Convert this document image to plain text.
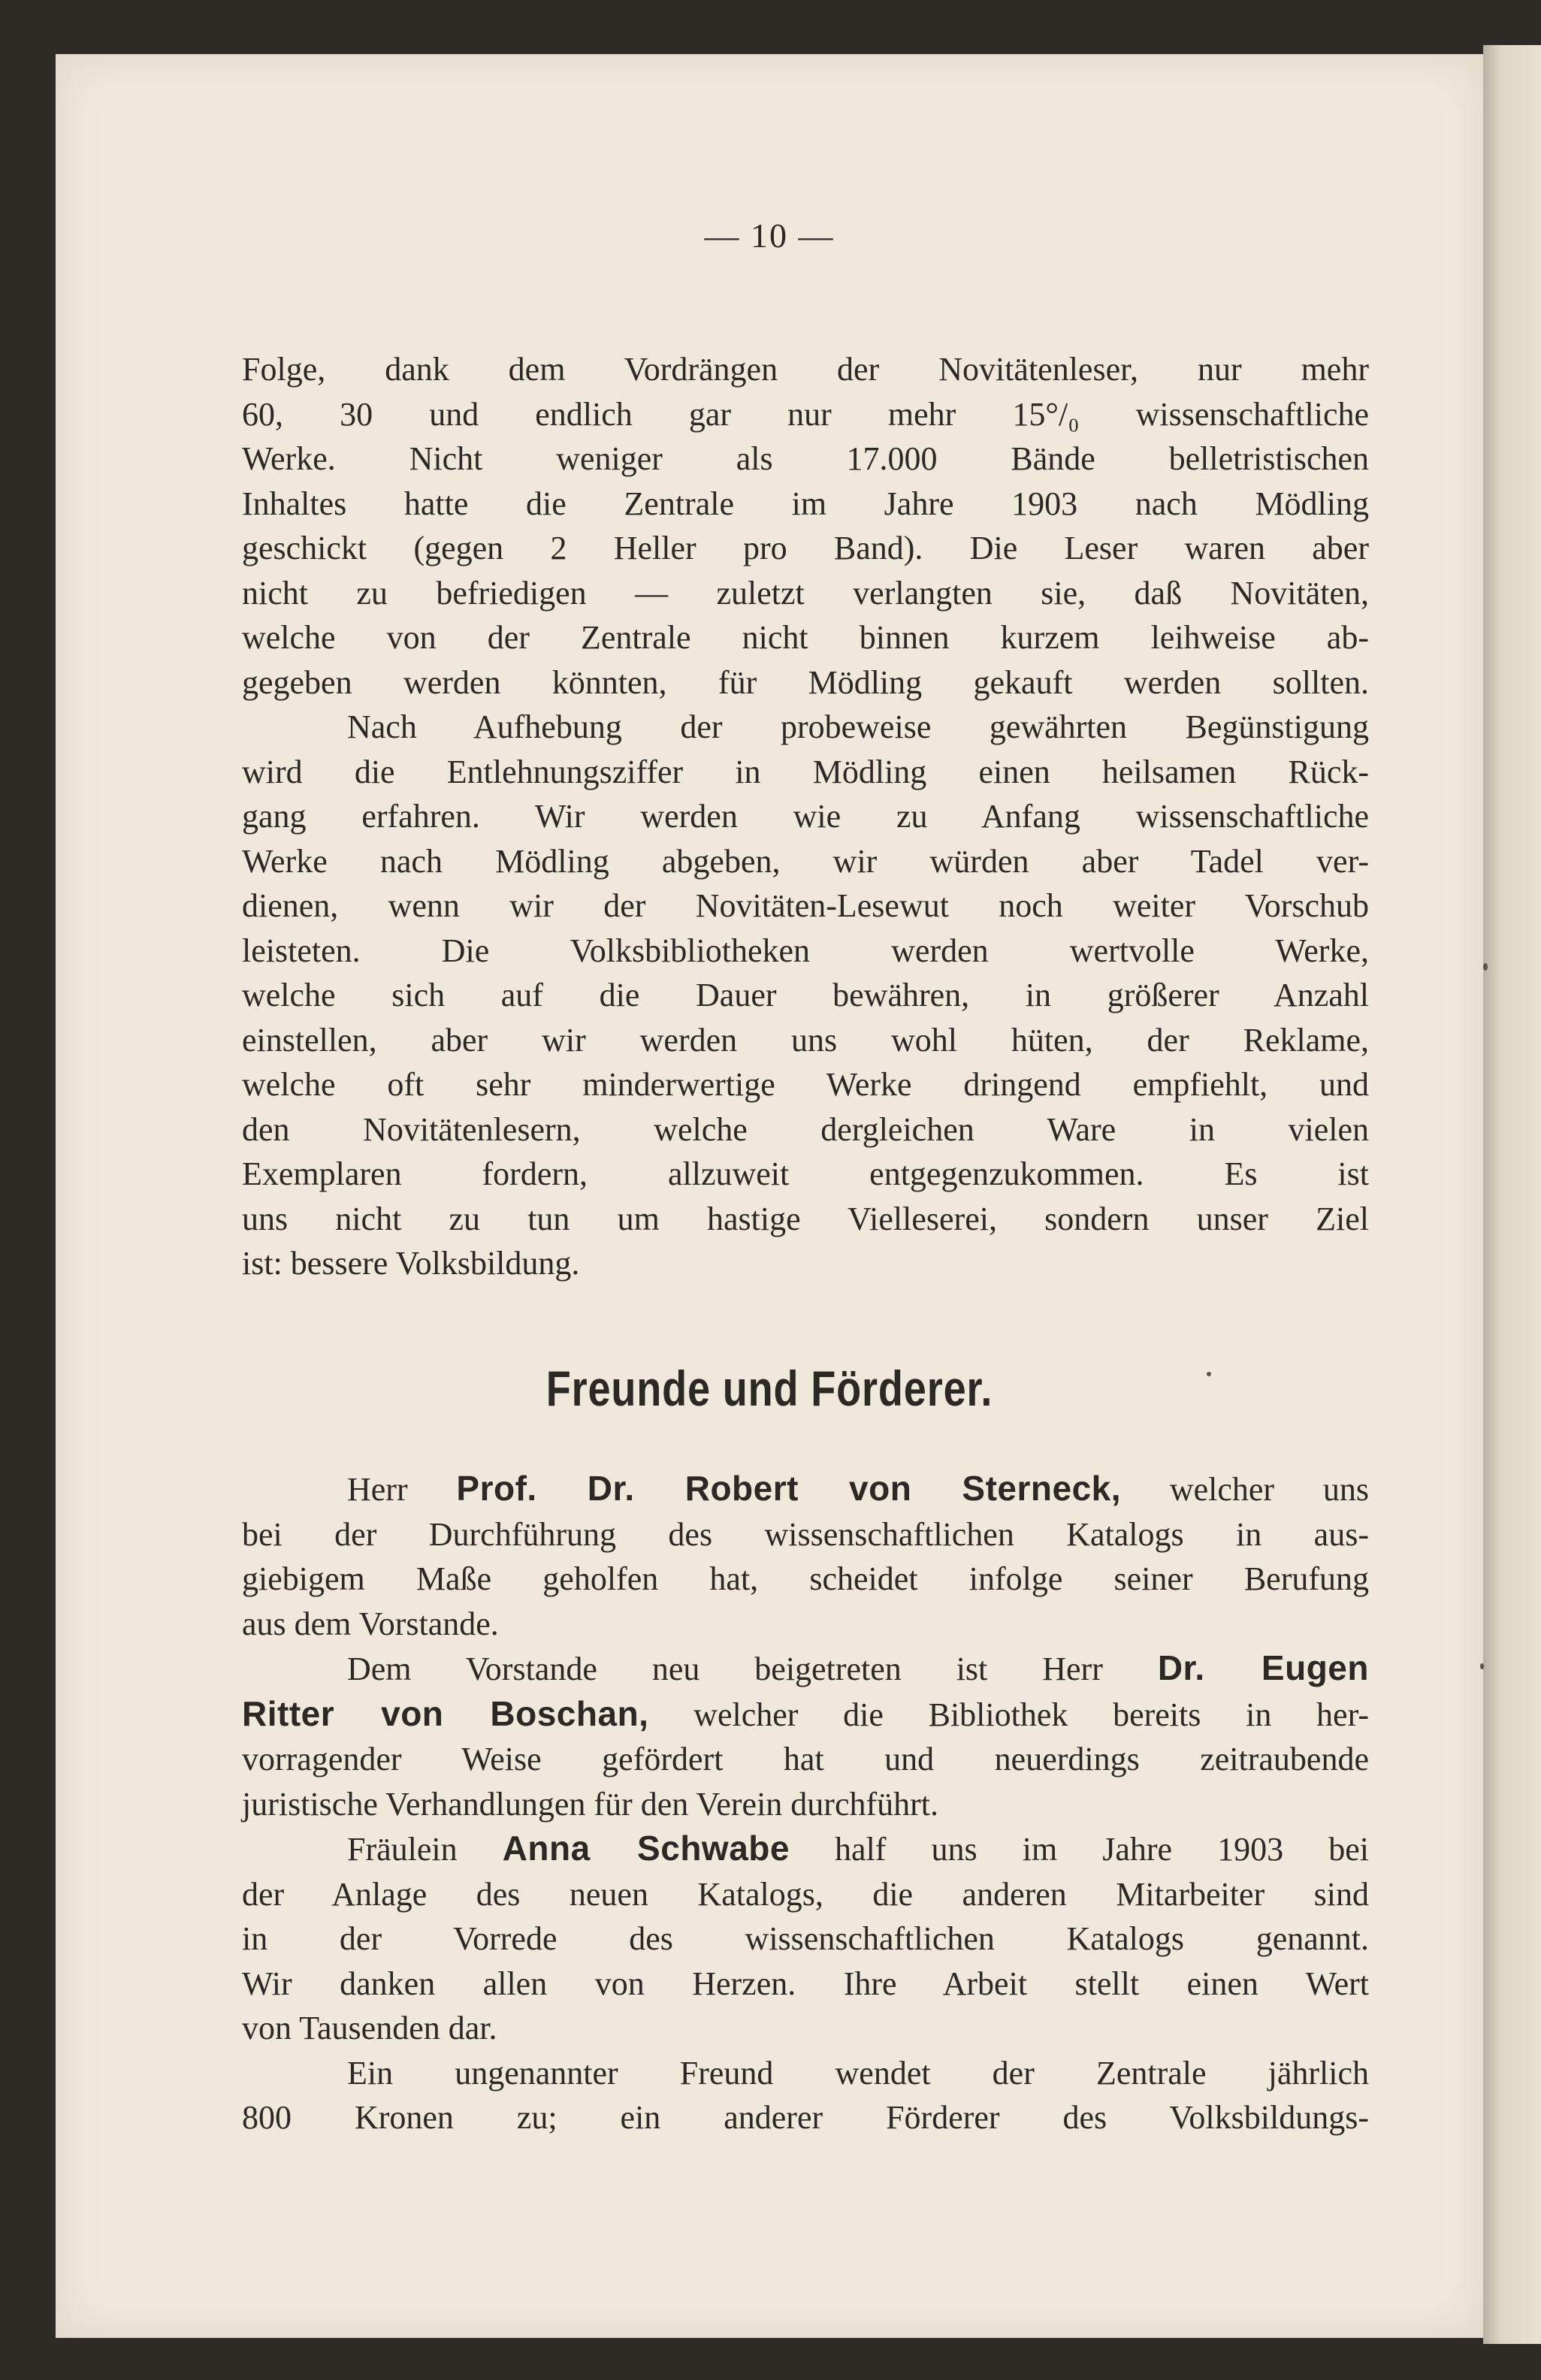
— 10 —
Folge, dank dem Vordrängen der Novitätenleser, nur mehr
60, 30 und endlich gar nur mehr 15°/₀ wissenschaftliche
Werke. Nicht weniger als 17.000 Bände belletristischen
Inhaltes hatte die Zentrale im Jahre 1903 nach Mödling
geschickt (gegen 2 Heller pro Band). Die Leser waren aber
nicht zu befriedigen — zuletzt verlangten sie, daß Novitäten,
welche von der Zentrale nicht binnen kurzem leihweise ab-
gegeben werden könnten, für Mödling gekauft werden sollten.
Nach Aufhebung der probeweise gewährten Begünstigung
wird die Entlehnungsziffer in Mödling einen heilsamen Rück-
gang erfahren. Wir werden wie zu Anfang wissenschaftliche
Werke nach Mödling abgeben, wir würden aber Tadel ver-
dienen, wenn wir der Novitäten-Lesewut noch weiter Vorschub
leisteten. Die Volksbibliotheken werden wertvolle Werke,
welche sich auf die Dauer bewähren, in größerer Anzahl
einstellen, aber wir werden uns wohl hüten, der Reklame,
welche oft sehr minderwertige Werke dringend empfiehlt, und
den Novitätenlesern, welche dergleichen Ware in vielen
Exemplaren fordern, allzuweit entgegenzukommen. Es ist
uns nicht zu tun um hastige Vielleserei, sondern unser Ziel
ist: bessere Volksbildung.
Freunde und Förderer.
Herr Prof. Dr. Robert von Sterneck, welcher uns
bei der Durchführung des wissenschaftlichen Katalogs in aus-
giebigem Maße geholfen hat, scheidet infolge seiner Berufung
aus dem Vorstande.
Dem Vorstande neu beigetreten ist Herr Dr. Eugen
Ritter von Boschan, welcher die Bibliothek bereits in her-
vorragender Weise gefördert hat und neuerdings zeitraubende
juristische Verhandlungen für den Verein durchführt.
Fräulein Anna Schwabe half uns im Jahre 1903 bei
der Anlage des neuen Katalogs, die anderen Mitarbeiter sind
in der Vorrede des wissenschaftlichen Katalogs genannt.
Wir danken allen von Herzen. Ihre Arbeit stellt einen Wert
von Tausenden dar.
Ein ungenannter Freund wendet der Zentrale jährlich
800 Kronen zu; ein anderer Förderer des Volksbildungs-
